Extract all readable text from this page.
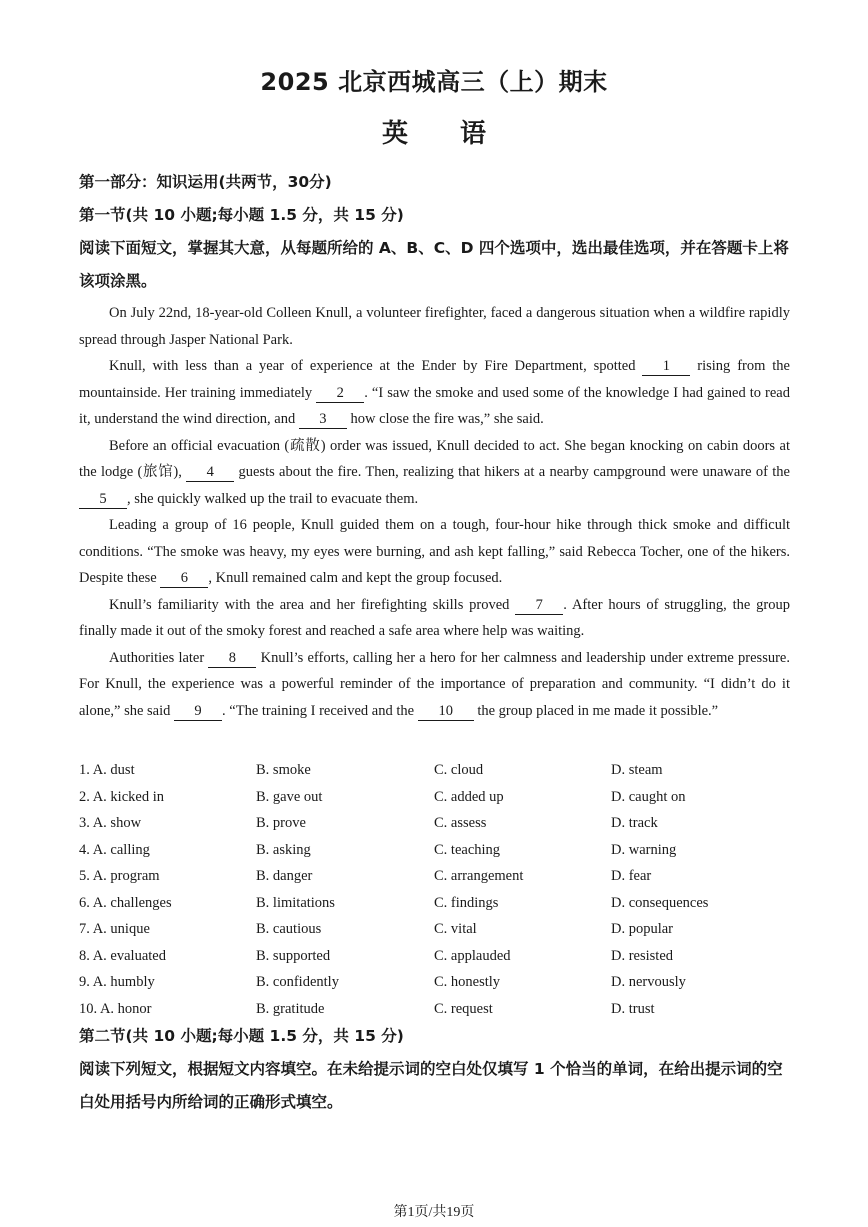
2025 北京西城高三（上）期末
英语
第一部分：知识运用(共两节，30分)
第一节(共 10 小题;每小题 1.5 分，共 15 分)
阅读下面短文，掌握其大意，从每题所给的 A、B、C、D 四个选项中，选出最佳选项，并在答题卡上将该项涂黑。

On July 22nd, 18-year-old Colleen Knull, a volunteer firefighter, faced a dangerous situation when a wildfire rapidly spread through Jasper National Park.

Knull, with less than a year of experience at the Ender by Fire Department, spotted 1 rising from the mountainside. Her training immediately 2 . “I saw the smoke and used some of the knowledge I had gained to read it, understand the wind direction, and 3 how close the fire was,” she said.

Before an official evacuation (疏散) order was issued, Knull decided to act. She began knocking on cabin doors at the lodge (旅馆), 4 guests about the fire. Then, realizing that hikers at a nearby campground were unaware of the 5 , she quickly walked up the trail to evacuate them.

Leading a group of 16 people, Knull guided them on a tough, four-hour hike through thick smoke and difficult conditions. “The smoke was heavy, my eyes were burning, and ash kept falling,” said Rebecca Tocher, one of the hikers. Despite these 6 , Knull remained calm and kept the group focused.

Knull’s familiarity with the area and her firefighting skills proved 7 . After hours of struggling, the group finally made it out of the smoky forest and reached a safe area where help was waiting.

Authorities later 8 Knull’s efforts, calling her a hero for her calmness and leadership under extreme pressure. For Knull, the experience was a powerful reminder of the importance of preparation and community. “I didn’t do it alone,” she said 9 . “The training I received and the 10 the group placed in me made it possible.”

1. A. dust	B. smoke	C. cloud	D. steam
2. A. kicked in	B. gave out	C. added up	D. caught on
3. A. show	B. prove	C. assess	D. track
4. A. calling	B. asking	C. teaching	D. warning
5. A. program	B. danger	C. arrangement	D. fear
6. A. challenges	B. limitations	C. findings	D. consequences
7. A. unique	B. cautious	C. vital	D. popular
8. A. evaluated	B. supported	C. applauded	D. resisted
9. A. humbly	B. confidently	C. honestly	D. nervously
10. A. honor	B. gratitude	C. request	D. trust
第二节(共 10 小题;每小题 1.5 分，共 15 分)
阅读下列短文，根据短文内容填空。在未给提示词的空白处仅填写 1 个恰当的单词，在给出提示词的空白处用括号内所给词的正确形式填空。
第1页/共19页
